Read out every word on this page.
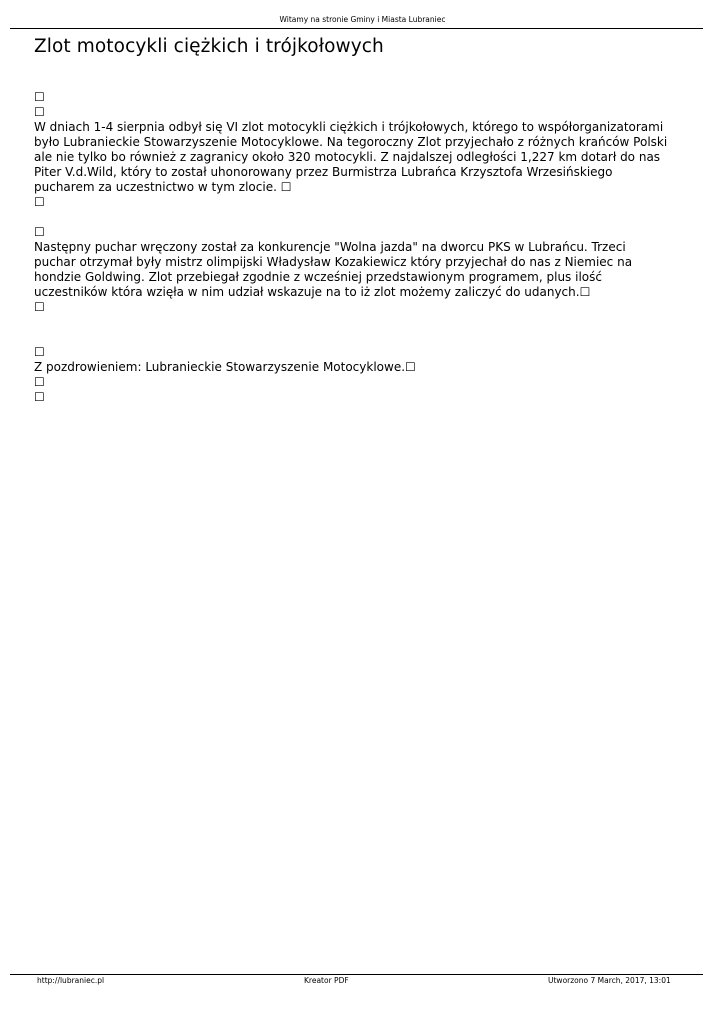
Witamy na stronie Gminy i Miasta Lubraniec
Zlot motocykli ciężkich i trójkołowych
☐
☐

W dniach 1-4 sierpnia odbył się VI zlot motocykli ciężkich i trójkołowych, którego to współorganizatorami
było Lubranieckie Stowarzyszenie Motocyklowe. Na tegoroczny Zlot przyjechało z różnych krańców Polski
ale nie tylko bo również z zagranicy około 320 motocykli. Z najdalszej odległości 1,227 km dotarł do nas
Piter V.d.Wild, który to został uhonorowany przez Burmistrza Lubrańca Krzysztofa Wrzesińskiego
pucharem za uczestnictwo w tym zlocie. ☐

☐
☐

Następny puchar wręczony został za konkurencje "Wolna jazda" na dworcu PKS w Lubrańcu. Trzeci
puchar otrzymał były mistrz olimpijski Władysław Kozakiewicz który przyjechał do nas z Niemiec na
hondzie Goldwing. Zlot przebiegał zgodnie z wcześniej przedstawionym programem, plus ilość
uczestników która wzięła w nim udział wskazuje na to iż zlot możemy zaliczyć do udanych.☐

☐
☐

Z pozdrowieniem: Lubranieckie Stowarzyszenie Motocyklowe.☐

☐
☐
http://lubraniec.pl	Kreator PDF	Utworzono 7 March, 2017, 13:01
